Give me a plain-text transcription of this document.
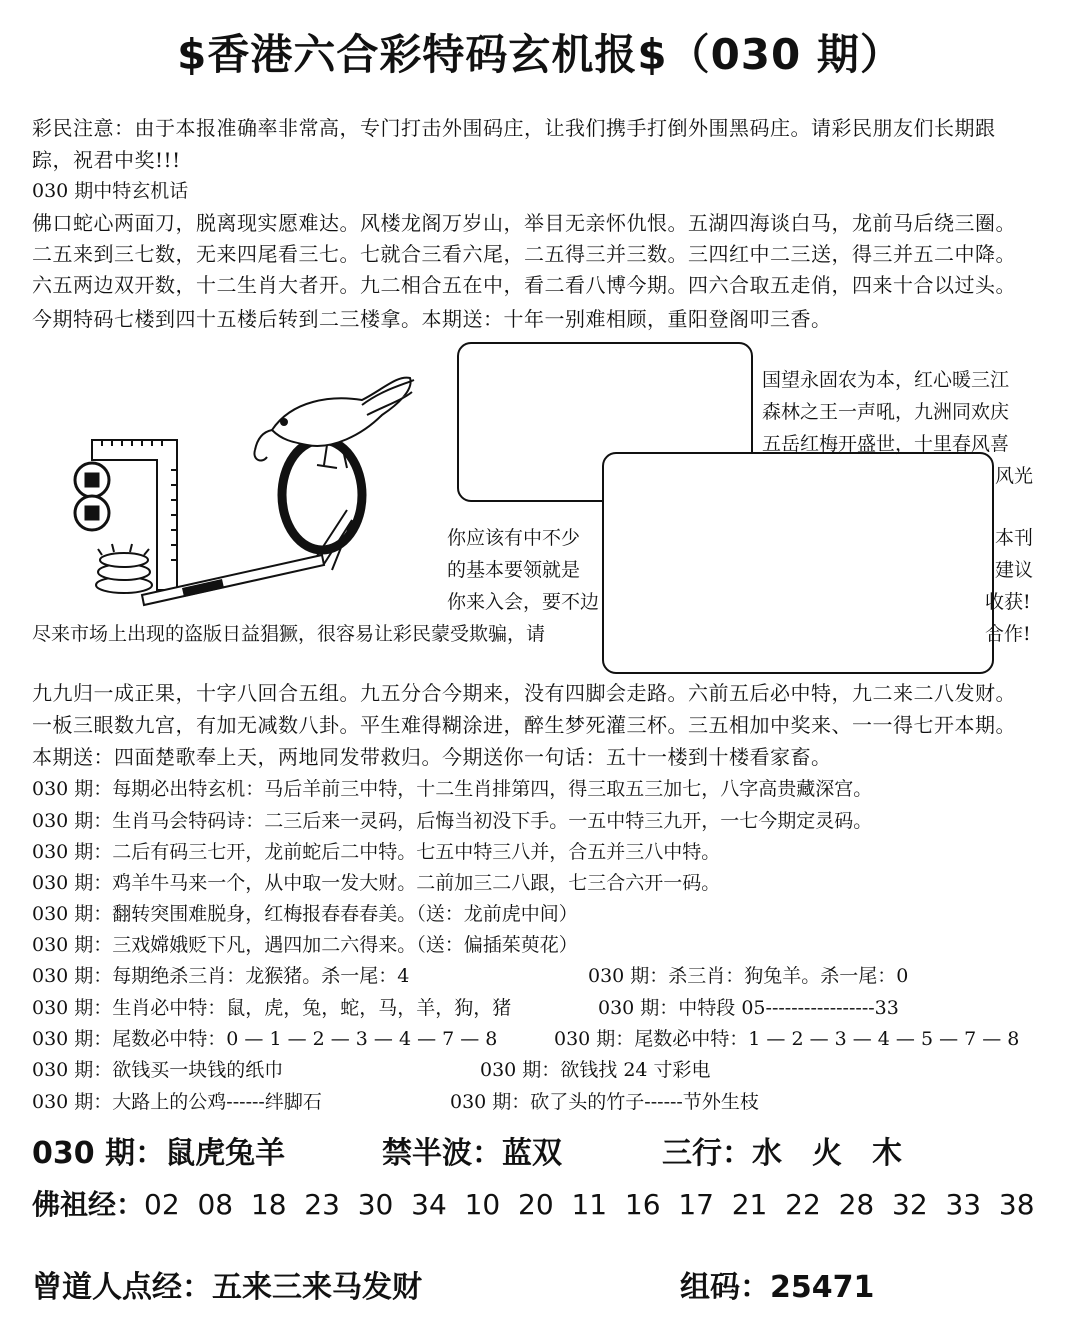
$香港六合彩特码玄机报$（030 期）
彩民注意：由于本报准确率非常高，专门打击外围码庄，让我们携手打倒外围黑码庄。请彩民朋友们长期跟
踪，祝君中奖!!!
030 期中特玄机话
佛口蛇心两面刀，脱离现实愿难达。风楼龙阁万岁山，举目无亲怀仇恨。五湖四海谈白马，龙前马后绕三圈。
二五来到三七数，无来四尾看三七。七就合三看六尾，二五得三并三数。三四红中二三送，得三并五二中降。
六五两边双开数，十二生肖大者开。九二相合五在中，看二看八博今期。四六合取五走俏，四来十合以过头。
今期特码七楼到四十五楼后转到二三楼拿。本期送：十年一别难相顾，重阳登阁叩三香。
国望永固农为本，红心暖三江
森林之王一声吼，九洲同欢庆
五岳红梅开盛世，十里春风喜
风光
你应该有中不少
的基本要领就是
你来入会，要不边
尽来市场上出现的盗版日益猖獗，很容易让彩民蒙受欺骗，请
本刊
建议
收获!
合作!
九九归一成正果，十字八回合五组。九五分合今期来，没有四脚会走路。六前五后必中特，九二来二八发财。
一板三眼数九宫，有加无减数八卦。平生难得糊涂进，醉生梦死灌三杯。三五相加中奖来、一一得七开本期。
本期送：四面楚歌奉上天，两地同发带救归。今期送你一句话：五十一楼到十楼看家畜。
030 期：每期必出特玄机：马后羊前三中特，十二生肖排第四，得三取五三加七，八字高贵藏深宫。
030 期：生肖马会特码诗：二三后来一灵码，后悔当初没下手。一五中特三九开，一七今期定灵码。
030 期：二后有码三七开，龙前蛇后二中特。七五中特三八并，合五并三八中特。
030 期：鸡羊牛马来一个，从中取一发大财。二前加三二八跟，七三合六开一码。
030 期：翻转突围难脱身，红梅报春春春美。（送：龙前虎中间）
030 期：三戏嫦娥贬下凡，遇四加二六得来。（送：偏插茱萸花）
030 期：每期绝杀三肖：龙猴猪。杀一尾：4	030 期：杀三肖：狗兔羊。杀一尾：0
030 期：生肖必中特：鼠，虎，兔，蛇，马，羊，狗，猪	030 期：中特段 05-----------------33
030 期：尾数必中特：0 — 1 — 2 — 3 — 4 — 7 — 8	030 期：尾数必中特：1 — 2 — 3 — 4 — 5 — 7 — 8
030 期：欲钱买一块钱的纸巾	030 期：欲钱找 24 寸彩电
030 期：大路上的公鸡------绊脚石	030 期：砍了头的竹子------节外生枝
030 期：鼠虎兔羊	禁半波：蓝双	三行：水　火　木
佛祖经：02  08  18  23  30  34  10  20  11  16  17  21  22  28  32  33  38
曾道人点经：五来三来马发财	组码：25471
